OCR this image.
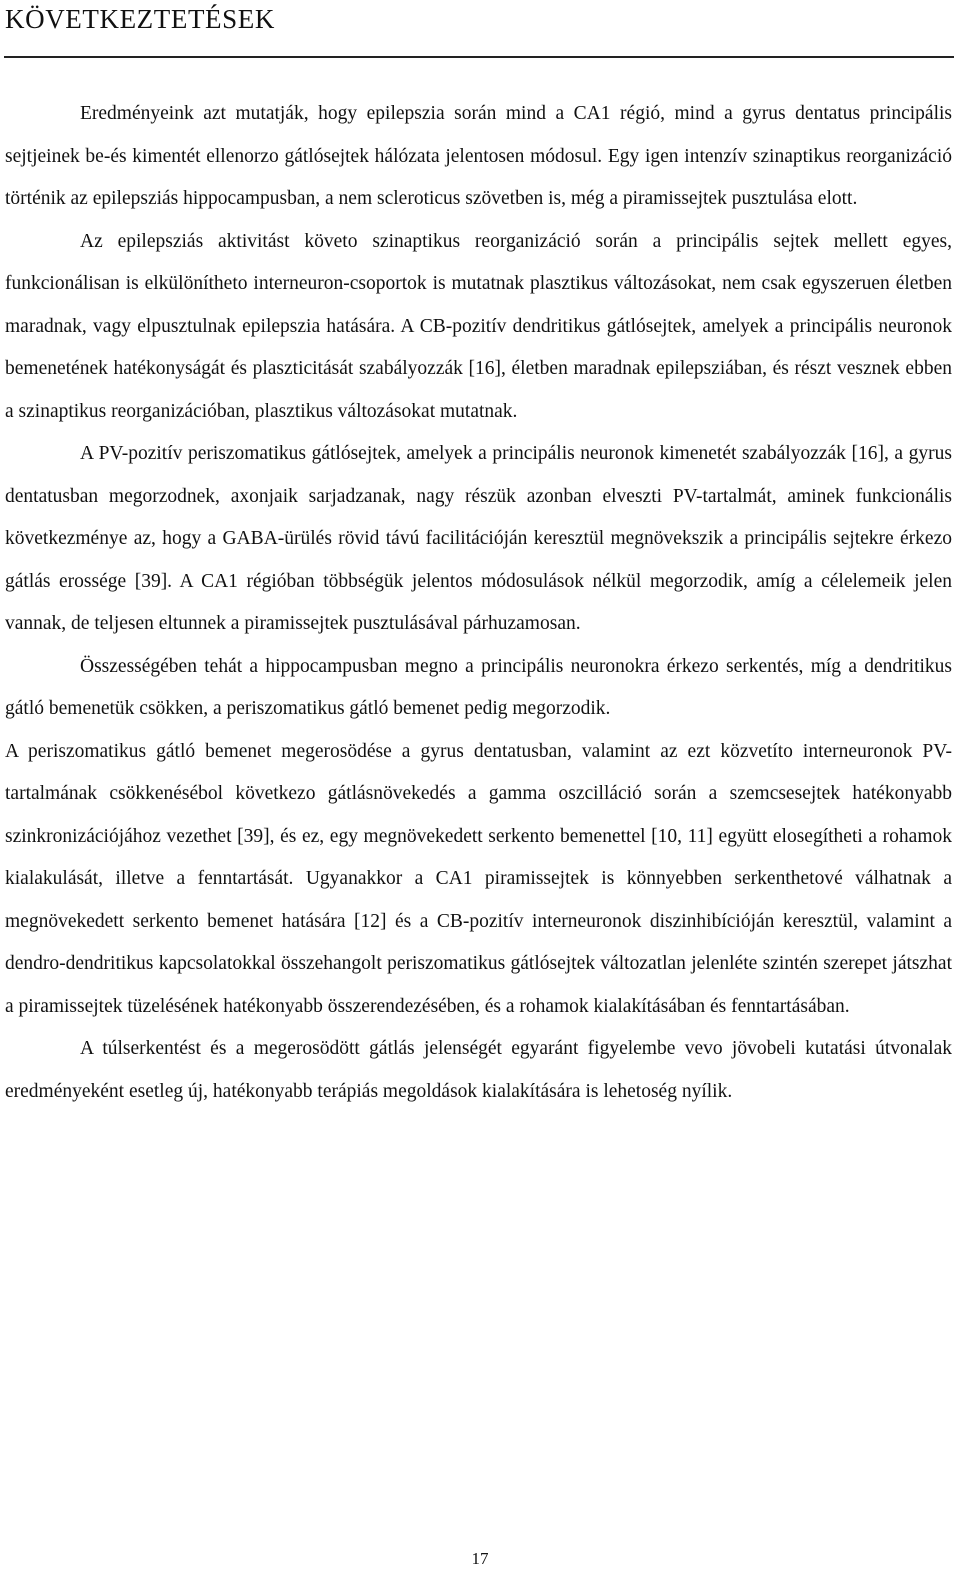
KÖVETKEZTETÉSEK

Eredményeink azt mutatják, hogy epilepszia során mind a CA1 régió, mind a gyrus dentatus principális sejtjeinek be-és kimentét ellenorzo gátlósejtek hálózata jelentosen módosul. Egy igen intenzív szinaptikus reorganizáció történik az epilepsziás hippocampusban, a nem scleroticus szövetben is, még a piramissejtek pusztulása elott.

Az epilepsziás aktivitást követo szinaptikus reorganizáció során a principális sejtek mellett egyes, funkcionálisan is elkülönítheto interneuron-csoportok is mutatnak plasztikus változásokat, nem csak egyszeruen életben maradnak, vagy elpusztulnak epilepszia hatására. A CB-pozitív dendritikus gátlósejtek, amelyek a principális neuronok bemenetének hatékonyságát és plaszticitását szabályozzák [16], életben maradnak epilepsziában, és részt vesznek ebben a szinaptikus reorganizációban, plasztikus változásokat mutatnak.

A PV-pozitív periszomatikus gátlósejtek, amelyek a principális neuronok kimenetét szabályozzák [16], a gyrus dentatusban megorzodnek, axonjaik sarjadzanak, nagy részük azonban elveszti PV-tartalmát, aminek funkcionális következménye az, hogy a GABA-ürülés rövid távú facilitációján keresztül megnövekszik a principális sejtekre érkezo gátlás erossége [39]. A CA1 régióban többségük jelentos módosulások nélkül megorzodik, amíg a célelemeik jelen vannak, de teljesen eltunnek a piramissejtek pusztulásával párhuzamosan.

Összességében tehát a hippocampusban megno a principális neuronokra érkezo serkentés, míg a dendritikus gátló bemenetük csökken, a periszomatikus gátló bemenet pedig megorzodik.

A periszomatikus gátló bemenet megerosödése a gyrus dentatusban, valamint az ezt közvetíto interneuronok PV-tartalmának csökkenésébol következo gátlásnövekedés a gamma oszcilláció során a szemcsesejtek hatékonyabb szinkronizációjához vezethet [39], és ez, egy megnövekedett serkento bemenettel [10, 11] együtt elosegítheti a rohamok kialakulását, illetve a fenntartását. Ugyanakkor a CA1 piramissejtek is könnyebben serkenthetové válhatnak a megnövekedett serkento bemenet hatására [12] és a CB-pozitív interneuronok diszinhibícióján keresztül, valamint a dendro-dendritikus kapcsolatokkal összehangolt periszomatikus gátlósejtek változatlan jelenléte szintén szerepet játszhat a piramissejtek tüzelésének hatékonyabb összerendezésében, és a rohamok kialakításában és fenntartásában.

A túlserkentést és a megerosödött gátlás jelenségét egyaránt figyelembe vevo jövobeli kutatási útvonalak eredményeként esetleg új, hatékonyabb terápiás megoldások kialakítására is lehetoség nyílik.

17
